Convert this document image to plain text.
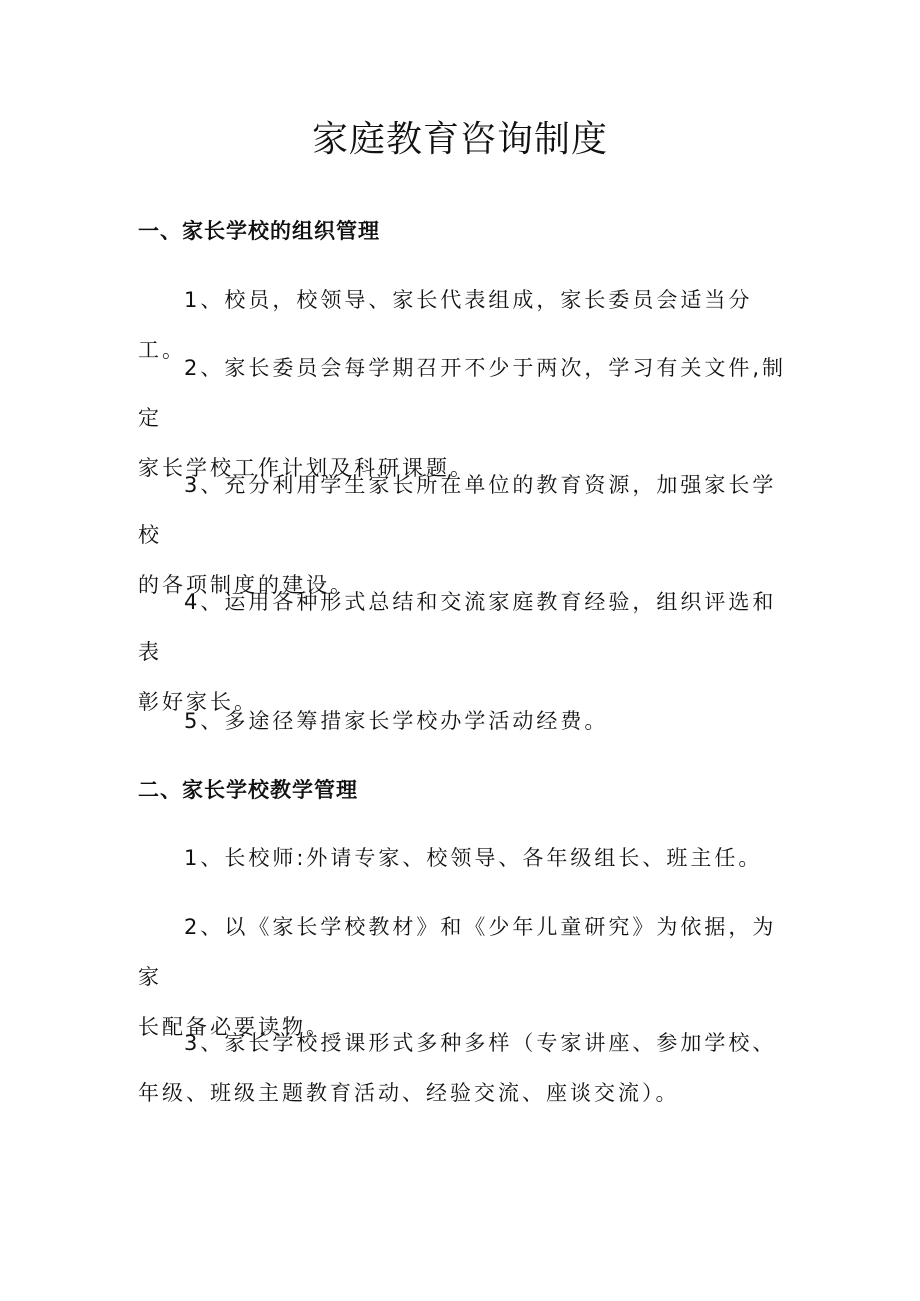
家庭教育咨询制度
一、家长学校的组织管理

1、校员，校领导、家长代表组成，家长委员会适当分工。

2、家长委员会每学期召开不少于两次，学习有关文件,制定
家长学校工作计划及科研课题。

3、充分利用学生家长所在单位的教育资源，加强家长学校
的各项制度的建设。

4、运用各种形式总结和交流家庭教育经验，组织评选和表
彰好家长。

5、多途径筹措家长学校办学活动经费。

二、家长学校教学管理

1、长校师:外请专家、校领导、各年级组长、班主任。

2、以《家长学校教材》和《少年儿童研究》为依据，为家
长配备必要读物。

3、家长学校授课形式多种多样（专家讲座、参加学校、
年级、班级主题教育活动、经验交流、座谈交流）。
